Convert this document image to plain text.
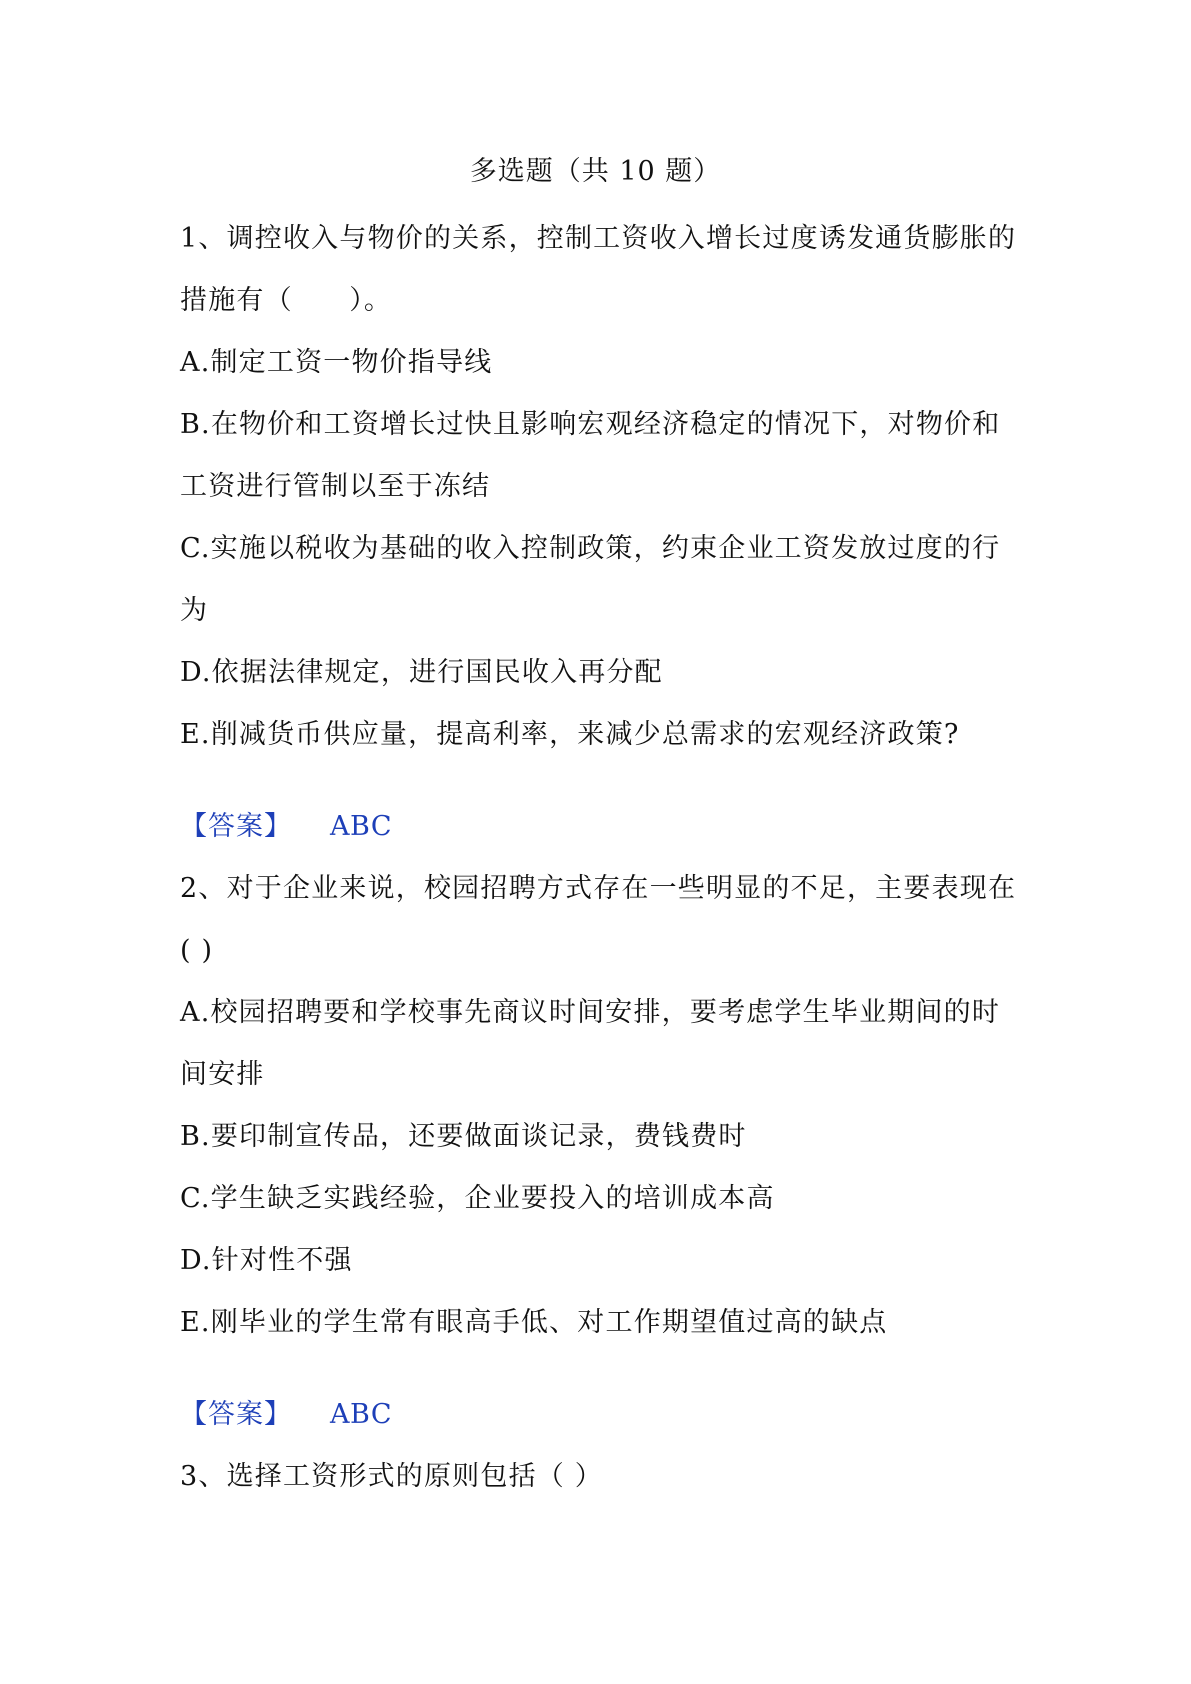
多选题（共 10 题）

1、调控收入与物价的关系，控制工资收入增长过度诱发通货膨胀的

措施有（　　）。

A.制定工资一物价指导线

B.在物价和工资增长过快且影响宏观经济稳定的情况下，对物价和

工资进行管制以至于冻结

C.实施以税收为基础的收入控制政策，约束企业工资发放过度的行

为

D.依据法律规定，进行国民收入再分配

E.削减货币供应量，提高利率，来减少总需求的宏观经济政策?

【答案】 ABC

2、对于企业来说，校园招聘方式存在一些明显的不足，主要表现在

( )

A.校园招聘要和学校事先商议时间安排，要考虑学生毕业期间的时

间安排

B.要印制宣传品，还要做面谈记录，费钱费时

C.学生缺乏实践经验，企业要投入的培训成本高

D.针对性不强

E.刚毕业的学生常有眼高手低、对工作期望值过高的缺点

【答案】 ABC

3、选择工资形式的原则包括（ ）
